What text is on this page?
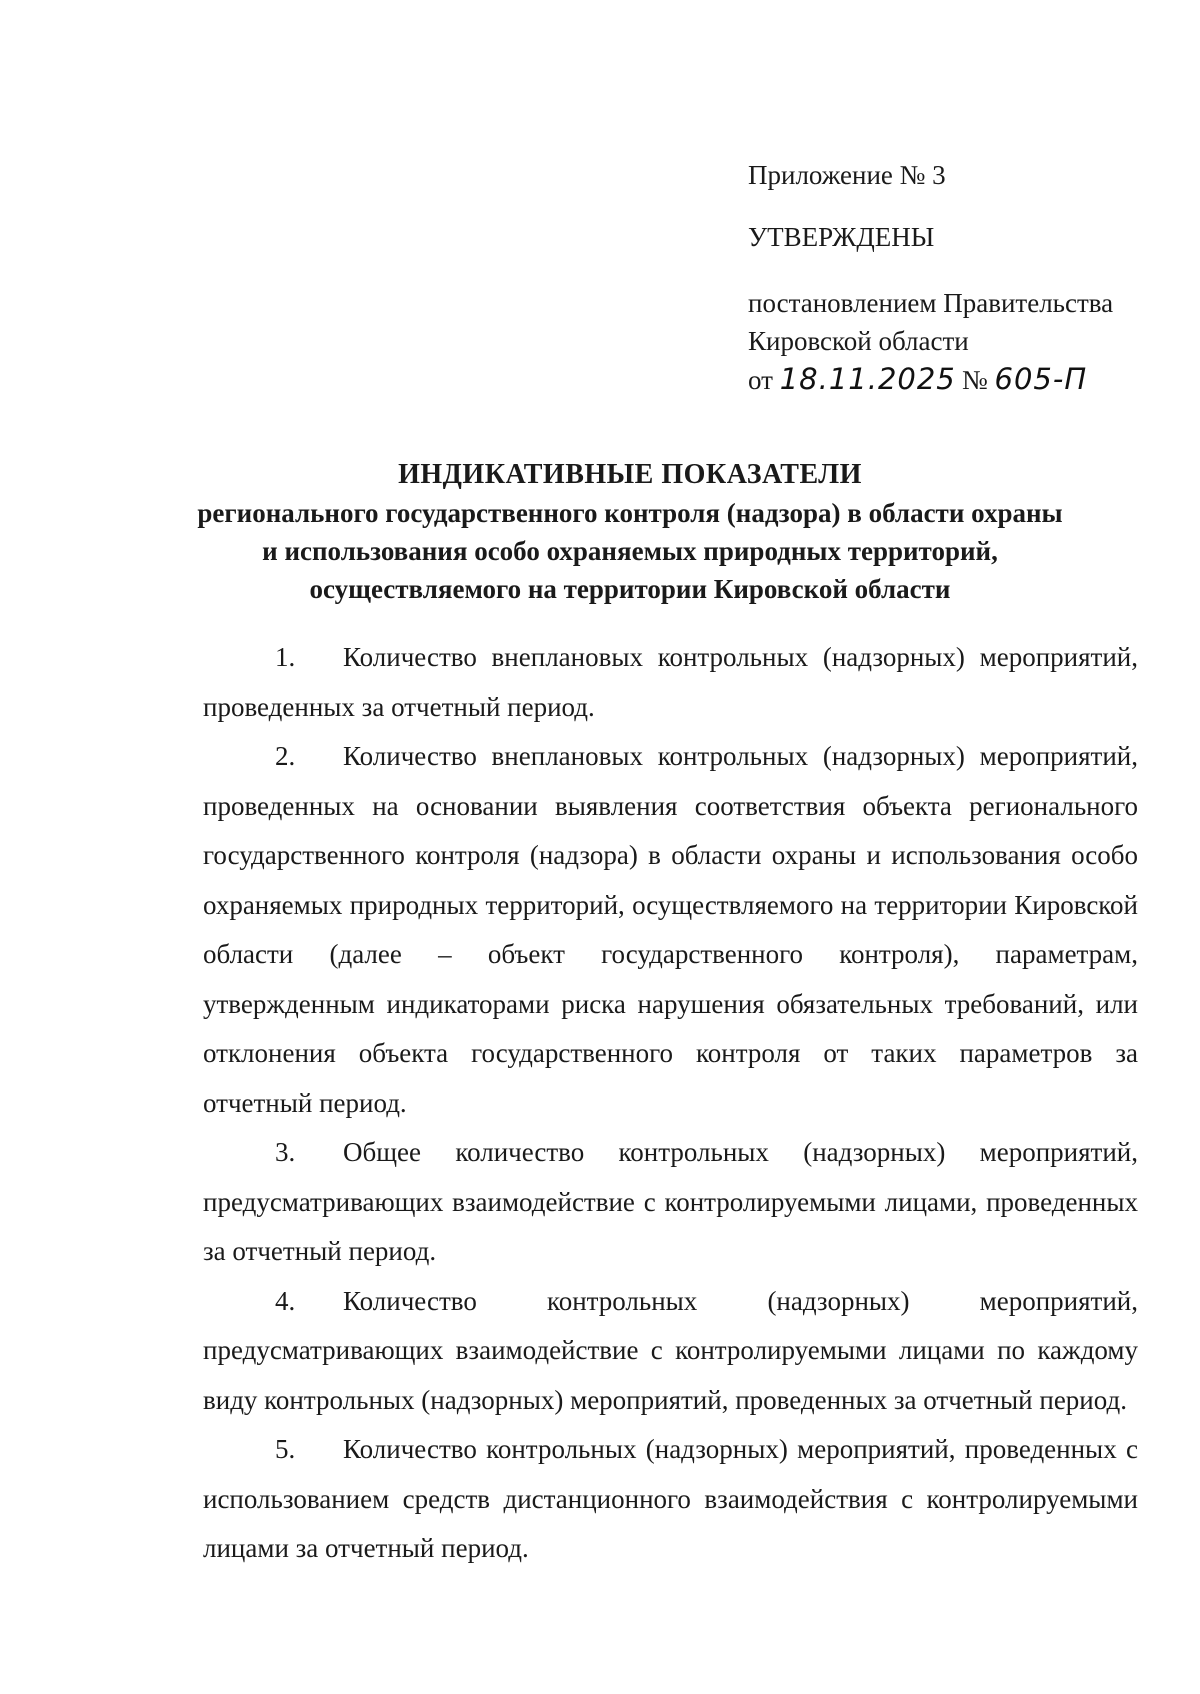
Приложение № 3
УТВЕРЖДЕНЫ
постановлением Правительства
Кировской области
от 18.11.2025 № 605-П
ИНДИКАТИВНЫЕ ПОКАЗАТЕЛИ
регионального государственного контроля (надзора) в области охраны
и использования особо охраняемых природных территорий,
осуществляемого на территории Кировской области

1. Количество внеплановых контрольных (надзорных) мероприятий, проведенных за отчетный период.

2. Количество внеплановых контрольных (надзорных) мероприятий, проведенных на основании выявления соответствия объекта регионального государственного контроля (надзора) в области охраны и использования особо охраняемых природных территорий, осуществляемого на территории Кировской области (далее – объект государственного контроля), параметрам, утвержденным индикаторами риска нарушения обязательных требований, или отклонения объекта государственного контроля от таких параметров за отчетный период.

3. Общее количество контрольных (надзорных) мероприятий, предусматривающих взаимодействие с контролируемыми лицами, проведенных за отчетный период.

4. Количество контрольных (надзорных) мероприятий, предусматривающих взаимодействие с контролируемыми лицами по каждому виду контрольных (надзорных) мероприятий, проведенных за отчетный период.

5. Количество контрольных (надзорных) мероприятий, проведенных с использованием средств дистанционного взаимодействия с контролируемыми лицами за отчетный период.
